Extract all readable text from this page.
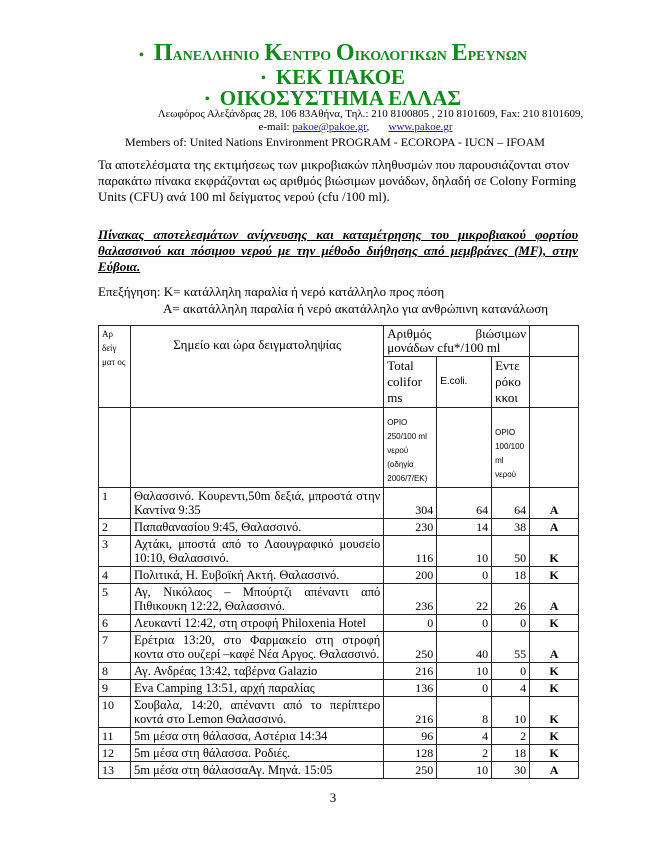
• ΠΑΝΕΛΛΗΝΙΟ ΚΕΝΤΡΟ ΟΙΚΟΛΟΓΙΚΩΝ ΕΡΕΥΝΩΝ
• ΚΕΚ ΠΑΚΟΕ
• ΟΙΚΟΣΥΣΤΗΜΑ ΕΛΛΑΣ
Λεωφόρος Αλεξάνδρας 28, 106 83Αθήνα, Τηλ.: 210 8100805 , 210 8101609, Fax: 210 8101609,
e-mail: pakoe@pakoe.gr, www.pakoe.gr
Members of: United Nations Environment PROGRAM - ECOROPA - IUCN – IFOAM
Τα αποτελέσματα της εκτιμήσεως των μικροβιακών πληθυσμών που παρουσιάζονται στον παρακάτω πίνακα εκφράζονται ως αριθμός βιώσιμων μονάδων, δηλαδή σε Colony Forming Units (CFU) ανά 100 ml δείγματος νερού (cfu /100 ml).
Πίνακας αποτελεσμάτων ανίχνευσης και καταμέτρησης του μικροβιακού φορτίου θαλασσινού και πόσιμου νερού με την μέθοδο διήθησης από μεμβράνες (MF), στην Εύβοια.
Επεξήγηση: Κ= κατάλληλη παραλία ή νερό κατάλληλο προς πόση
Α= ακατάλληλη παραλία ή νερό ακατάλληλο για ανθρώπινη κατανάλωση
Αρ δείγ ματ ος	Σημείο και ώρα δειγματοληψίας	Αριθμός βιώσιμων μονάδων cfu*/100 ml			
		Total colifor ms	E.coli.	Εντε ρόκο κκοι	
		ΟΡΙΟ 250/100 ml νερού (οδηγία 2006/7/ΕΚ)		ΟΡΙΟ 100/100 ml νερού	
1	Θαλασσινό. Κουρεντι,50m δεξιά, μπροστά στην Καντίνα 9:35	304	64	64	Α
2	Παπαθανασίου 9:45, Θαλασσινό.	230	14	38	Α
3	Αχτάκι, μποστά από το Λαουγραφικό μουσείο 10:10, Θαλασσινό.	116	10	50	Κ
4	Πολιτικά, Η. Ευβοϊκή Ακτή. Θαλασσινό.	200	0	18	Κ
5	Αγ, Νικόλαος – Μπούρτζι απέναντι από Πιθικουκη 12:22, Θαλασσινό.	236	22	26	Α
6	Λευκαντί 12:42, στη στροφή Philoxenia Hotel	0	0	0	Κ
7	Ερέτρια 13:20, στο Φαρμακείο στη στροφή κοντα στο ουζερί –καφέ Νέα Αργος. Θαλασσινό.	250	40	55	Α
8	Αγ. Ανδρέας 13:42, ταβέρνα Galazio	216	10	0	Κ
9	Eva Camping 13:51, αρχή παραλίας	136	0	4	Κ
10	Σουβαλα, 14:20, απέναντι από το περίπτερο κοντά στο Lemon Θαλασσινό.	216	8	10	Κ
11	5m μέσα στη θάλασσα, Αστέρια 14:34	96	4	2	Κ
12	5m μέσα στη θάλασσα. Ροδιές.	128	2	18	Κ
13	5m μέσα στη θάλασσαΑγ. Μηνά. 15:05	250	10	30	Α
3
